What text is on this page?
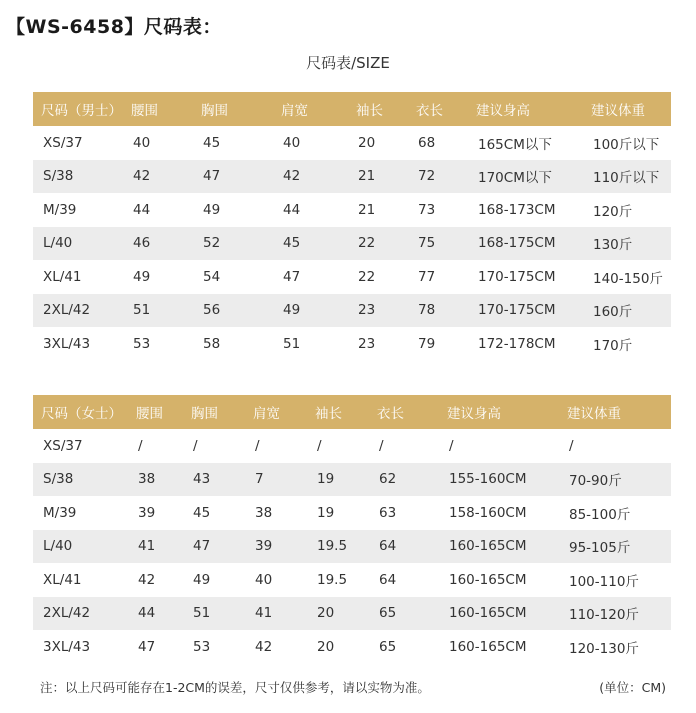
【WS-6458】尺码表：
尺码表/SIZE
尺码（男士）	腰围	胸围	肩宽	袖长	衣长	建议身高	建议体重
XS/37	40	45	40	20	68	165CM以下	100斤以下
S/38	42	47	42	21	72	170CM以下	110斤以下
M/39	44	49	44	21	73	168-173CM	120斤
L/40	46	52	45	22	75	168-175CM	130斤
XL/41	49	54	47	22	77	170-175CM	140-150斤
2XL/42	51	56	49	23	78	170-175CM	160斤
3XL/43	53	58	51	23	79	172-178CM	170斤
尺码（女士）	腰围	胸围	肩宽	袖长	衣长	建议身高	建议体重
XS/37	/	/	/	/	/	/	/
S/38	38	43	7	19	62	155-160CM	70-90斤
M/39	39	45	38	19	63	158-160CM	85-100斤
L/40	41	47	39	19.5	64	160-165CM	95-105斤
XL/41	42	49	40	19.5	64	160-165CM	100-110斤
2XL/42	44	51	41	20	65	160-165CM	110-120斤
3XL/43	47	53	42	20	65	160-165CM	120-130斤
注：以上尺码可能存在1-2CM的误差，尺寸仅供参考，请以实物为准。	(单位：CM)
